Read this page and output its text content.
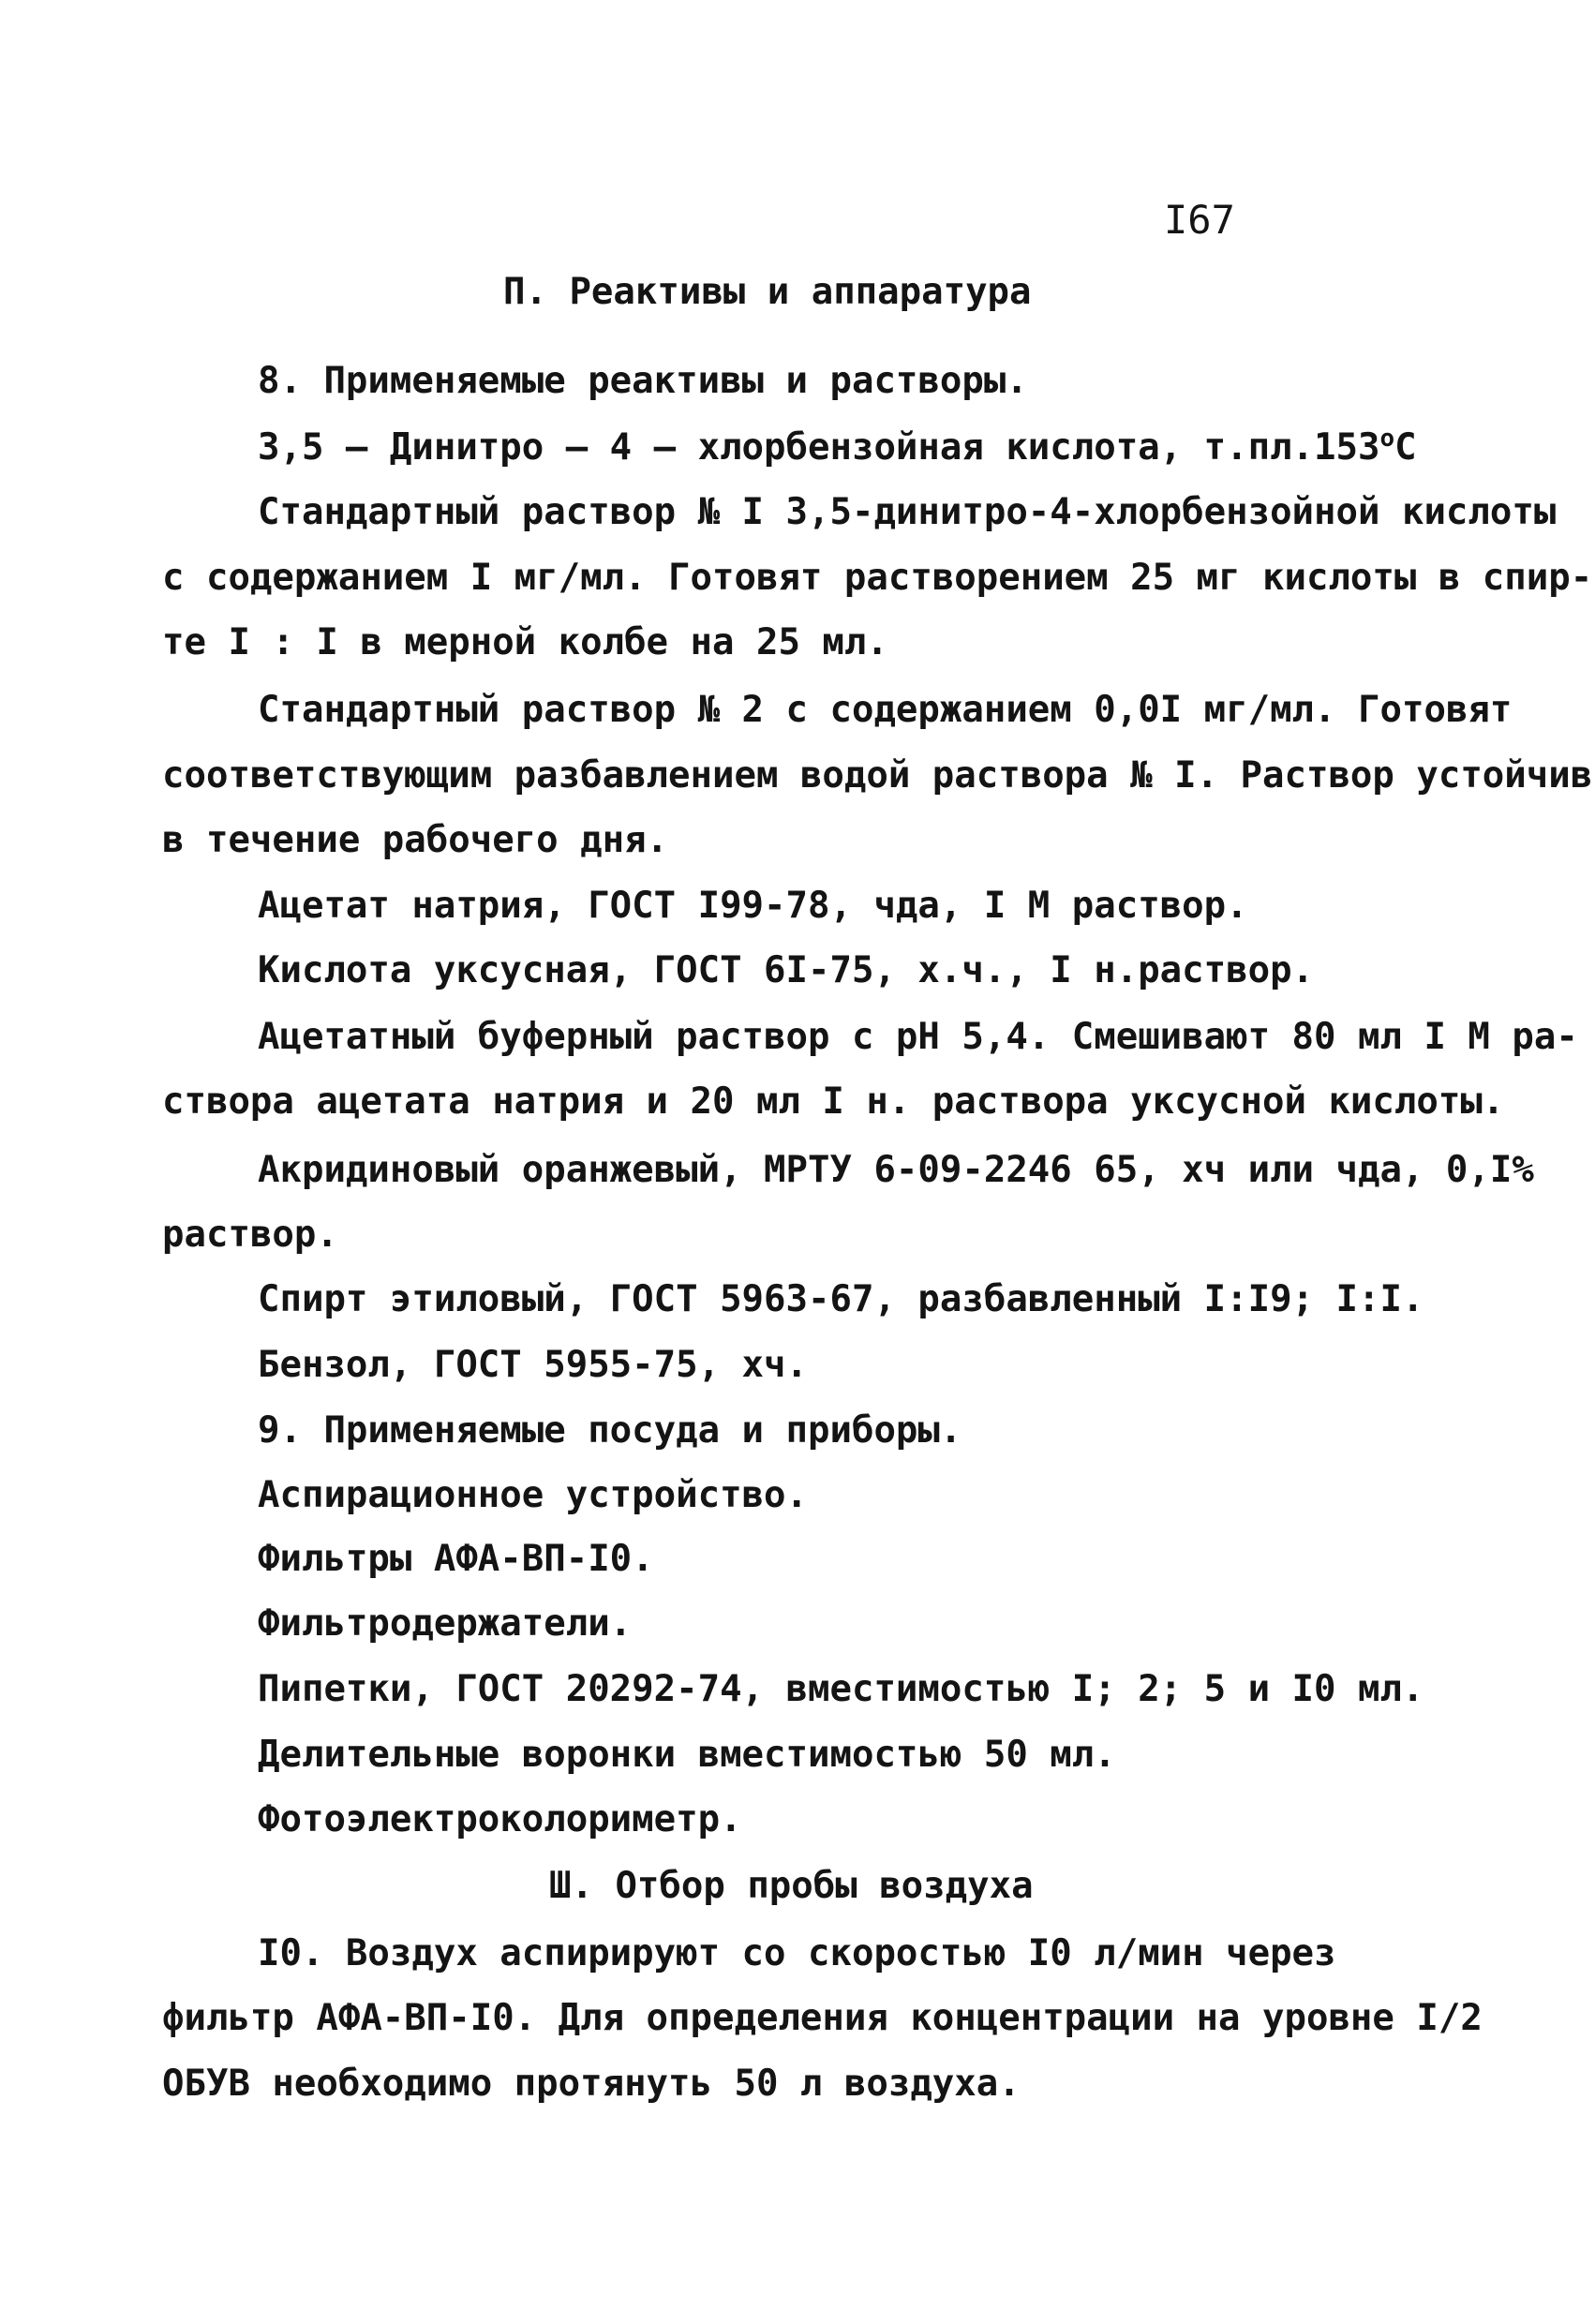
I67
П. Реактивы и аппаратура
8. Применяемые реактивы и растворы.
3,5 – Динитро – 4 – хлорбензойная кислота, $т.пл.153^оС$
Стандартный раствор № I 3,5-динитро-4-хлорбензойной кислоты
с содержанием I мг/мл. Готовят растворением 25 мг кислоты в спир-
те I : I в мерной колбе на 25 мл.
Стандартный раствор № 2 с содержанием 0,0I мг/мл. Готовят
соответствующим разбавлением водой раствора № I. Раствор устойчив
в течение рабочего дня.
Ацетат натрия, ГОСТ I99-78, чда, I М раствор.
Кислота уксусная, ГОСТ 6I-75, х.ч., I н.раствор.
Ацетатный буферный раствор с рН 5,4. Смешивают 80 мл I М ра-
створа ацетата натрия и 20 мл I н. раствора уксусной кислоты.
Акридиновый оранжевый, МРТУ 6-09-2246 65, хч или чда, 0,I%
раствор.
Спирт этиловый, ГОСТ 5963-67, разбавленный I:I9; I:I.
Бензол, ГОСТ 5955-75, хч.
9. Применяемые посуда и приборы.
Аспирационное устройство.
Фильтры АФА-ВП-I0.
Фильтродержатели.
Пипетки, ГОСТ 20292-74, вместимостью I; 2; 5 и I0 мл.
Делительные воронки вместимостью 50 мл.
Фотоэлектроколориметр.
Ш. Отбор пробы воздуха
I0. Воздух аспирируют со скоростью I0 л/мин через
фильтр АФА-ВП-I0. Для определения концентрации на уровне I/2
ОБУВ необходимо протянуть 50 л воздуха.
